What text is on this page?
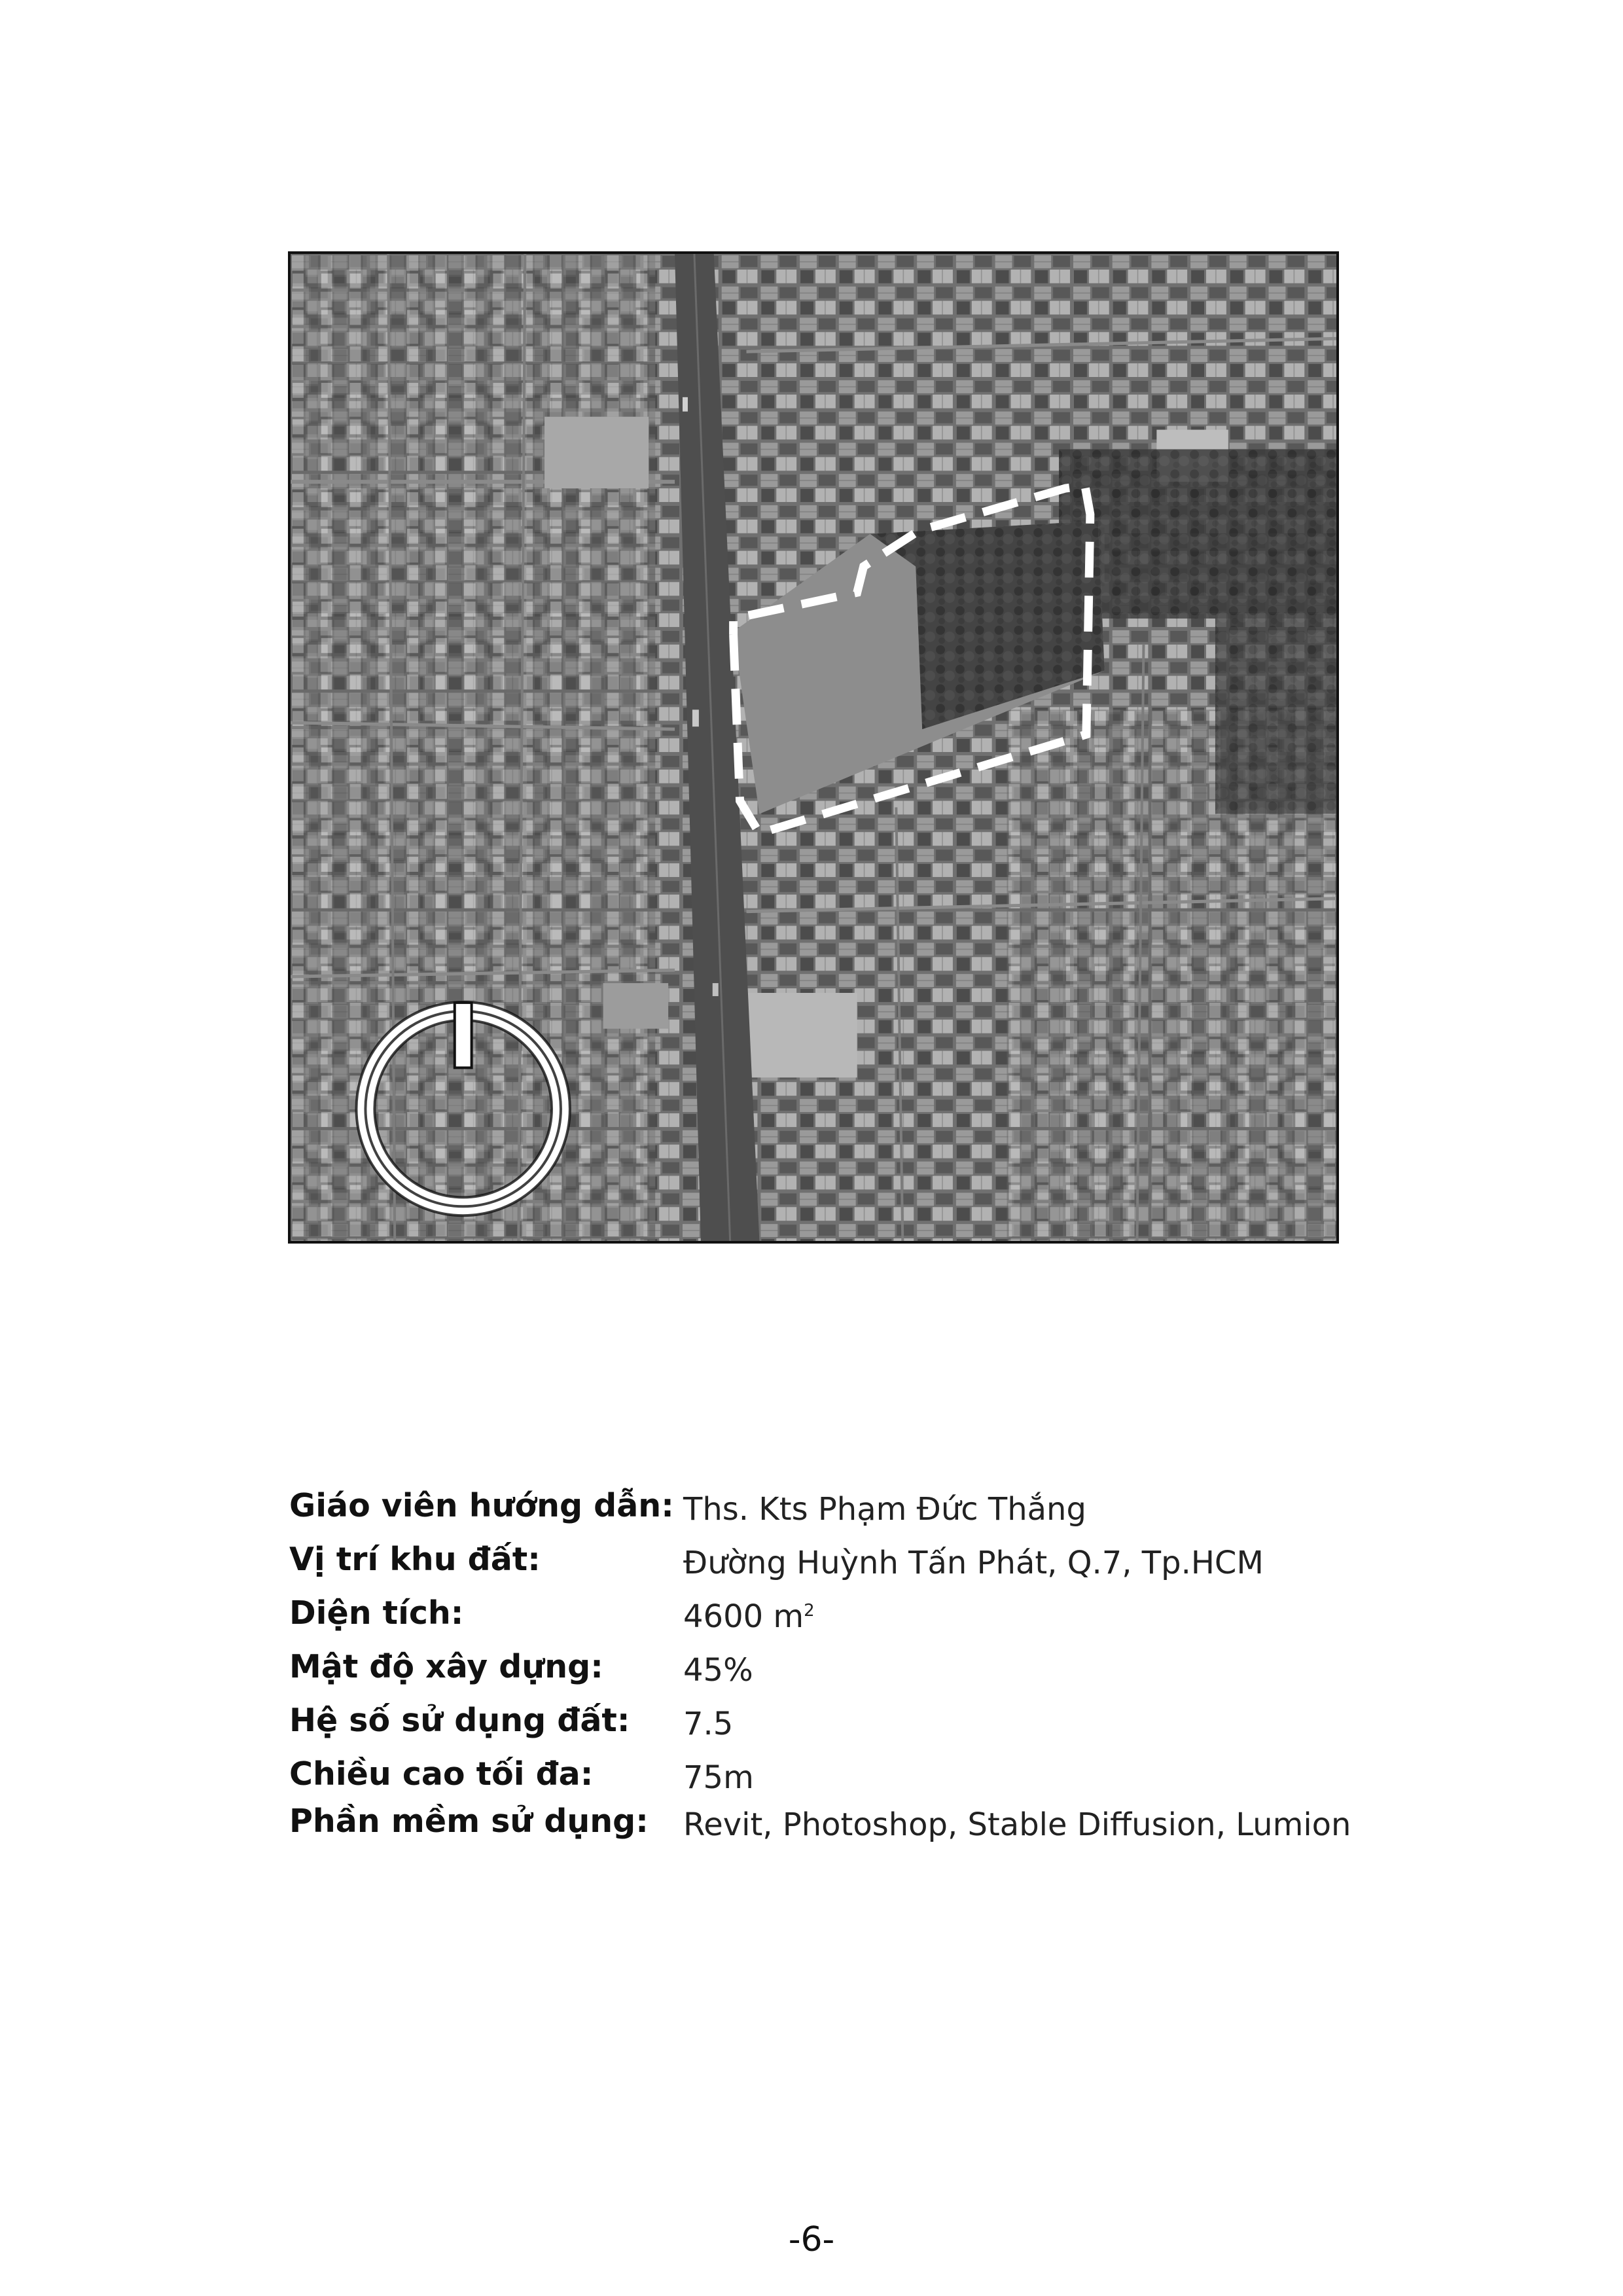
Giáo viên hướng dẫn: Ths. Kts Phạm Đức Thắng
Vị trí khu đất:	Đường Huỳnh Tấn Phát, Q.7, Tp.HCM
Diện tích:	4600 $m^2$
Mật độ xây dựng:	45%
Hệ số sử dụng đất: 7.5
Chiều cao tối đa:	75m
Phần mềm sử dụng: Revit, Photoshop, Stable Diffusion, Lumion
-6-
